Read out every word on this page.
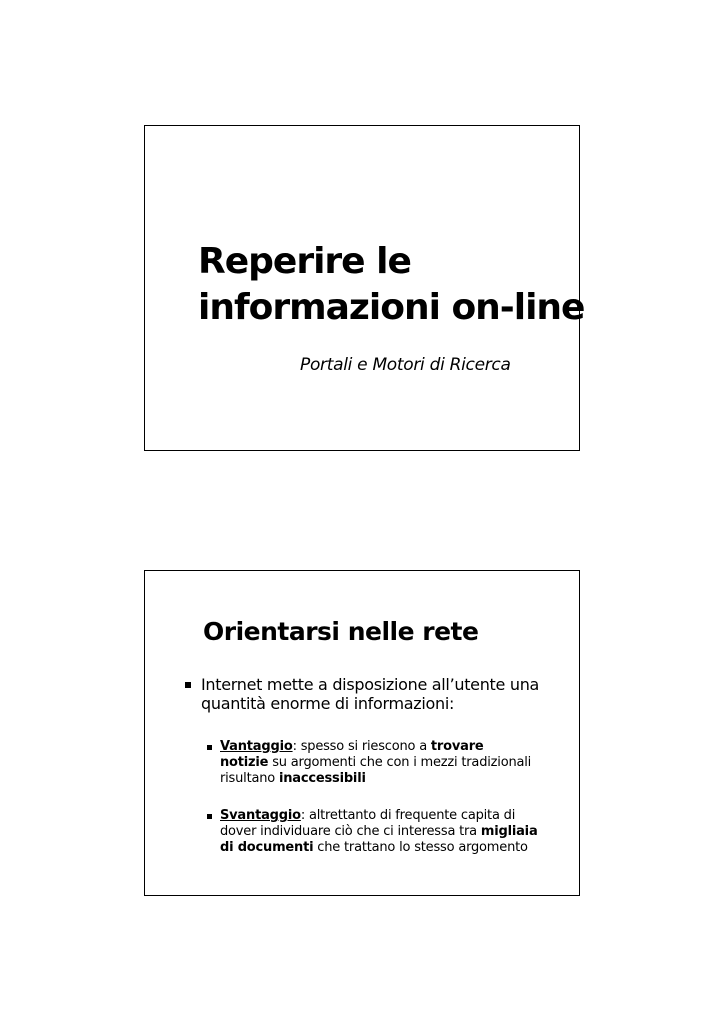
Reperire le
informazioni on-line
Portali e Motori di Ricerca
Orientarsi nelle rete
Internet mette a disposizione all’utente una
quantità enorme di informazioni:
Vantaggio: spesso si riescono a trovare
notizie su argomenti che con i mezzi tradizionali
risultano inaccessibili
Svantaggio: altrettanto di frequente capita di
dover individuare ciò che ci interessa tra migliaia
di documenti che trattano lo stesso argomento
